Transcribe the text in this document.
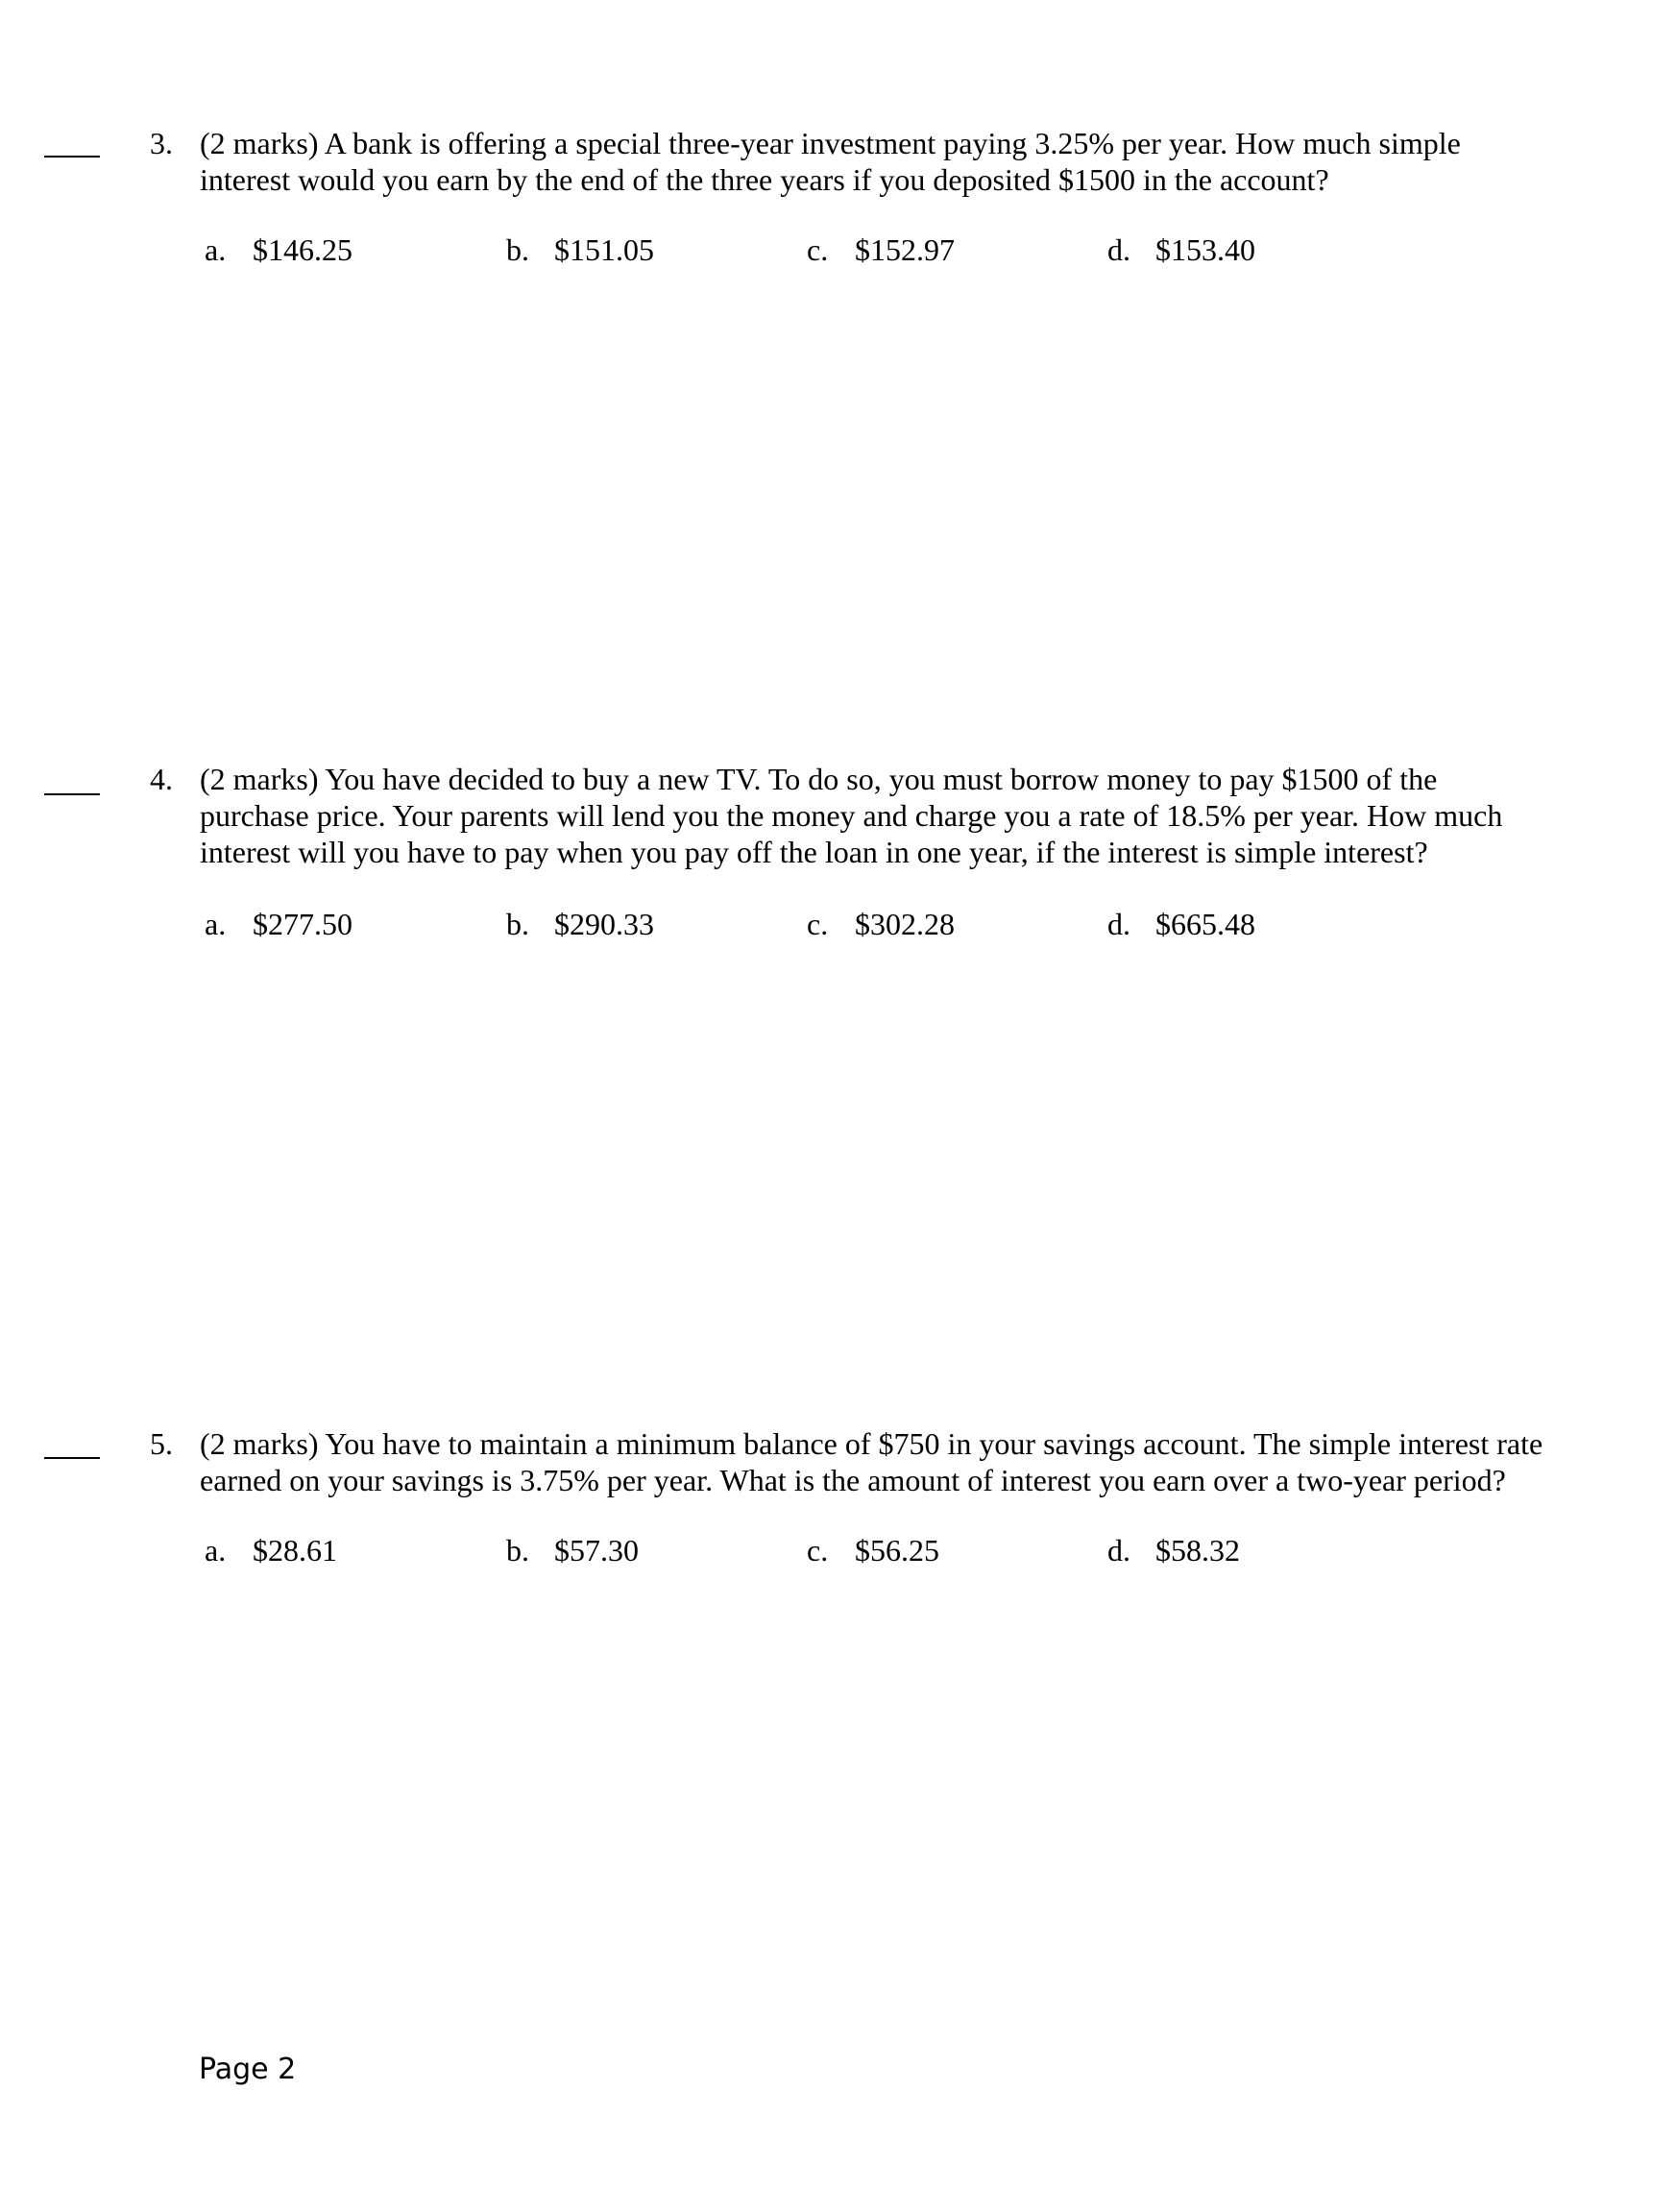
3. (2 marks) A bank is offering a special three-year investment paying 3.25% per year. How much simple
interest would you earn by the end of the three years if you deposited $1500 in the account?
a. $146.25	b. $151.05	c. $152.97	d. $153.40
4. (2 marks) You have decided to buy a new TV. To do so, you must borrow money to pay $1500 of the
purchase price. Your parents will lend you the money and charge you a rate of 18.5% per year. How much
interest will you have to pay when you pay off the loan in one year, if the interest is simple interest?
a. $277.50	b. $290.33	c. $302.28	d. $665.48
5. (2 marks) You have to maintain a minimum balance of $750 in your savings account. The simple interest rate
earned on your savings is 3.75% per year. What is the amount of interest you earn over a two-year period?
a. $28.61	b. $57.30	c. $56.25	d. $58.32
Page 2
